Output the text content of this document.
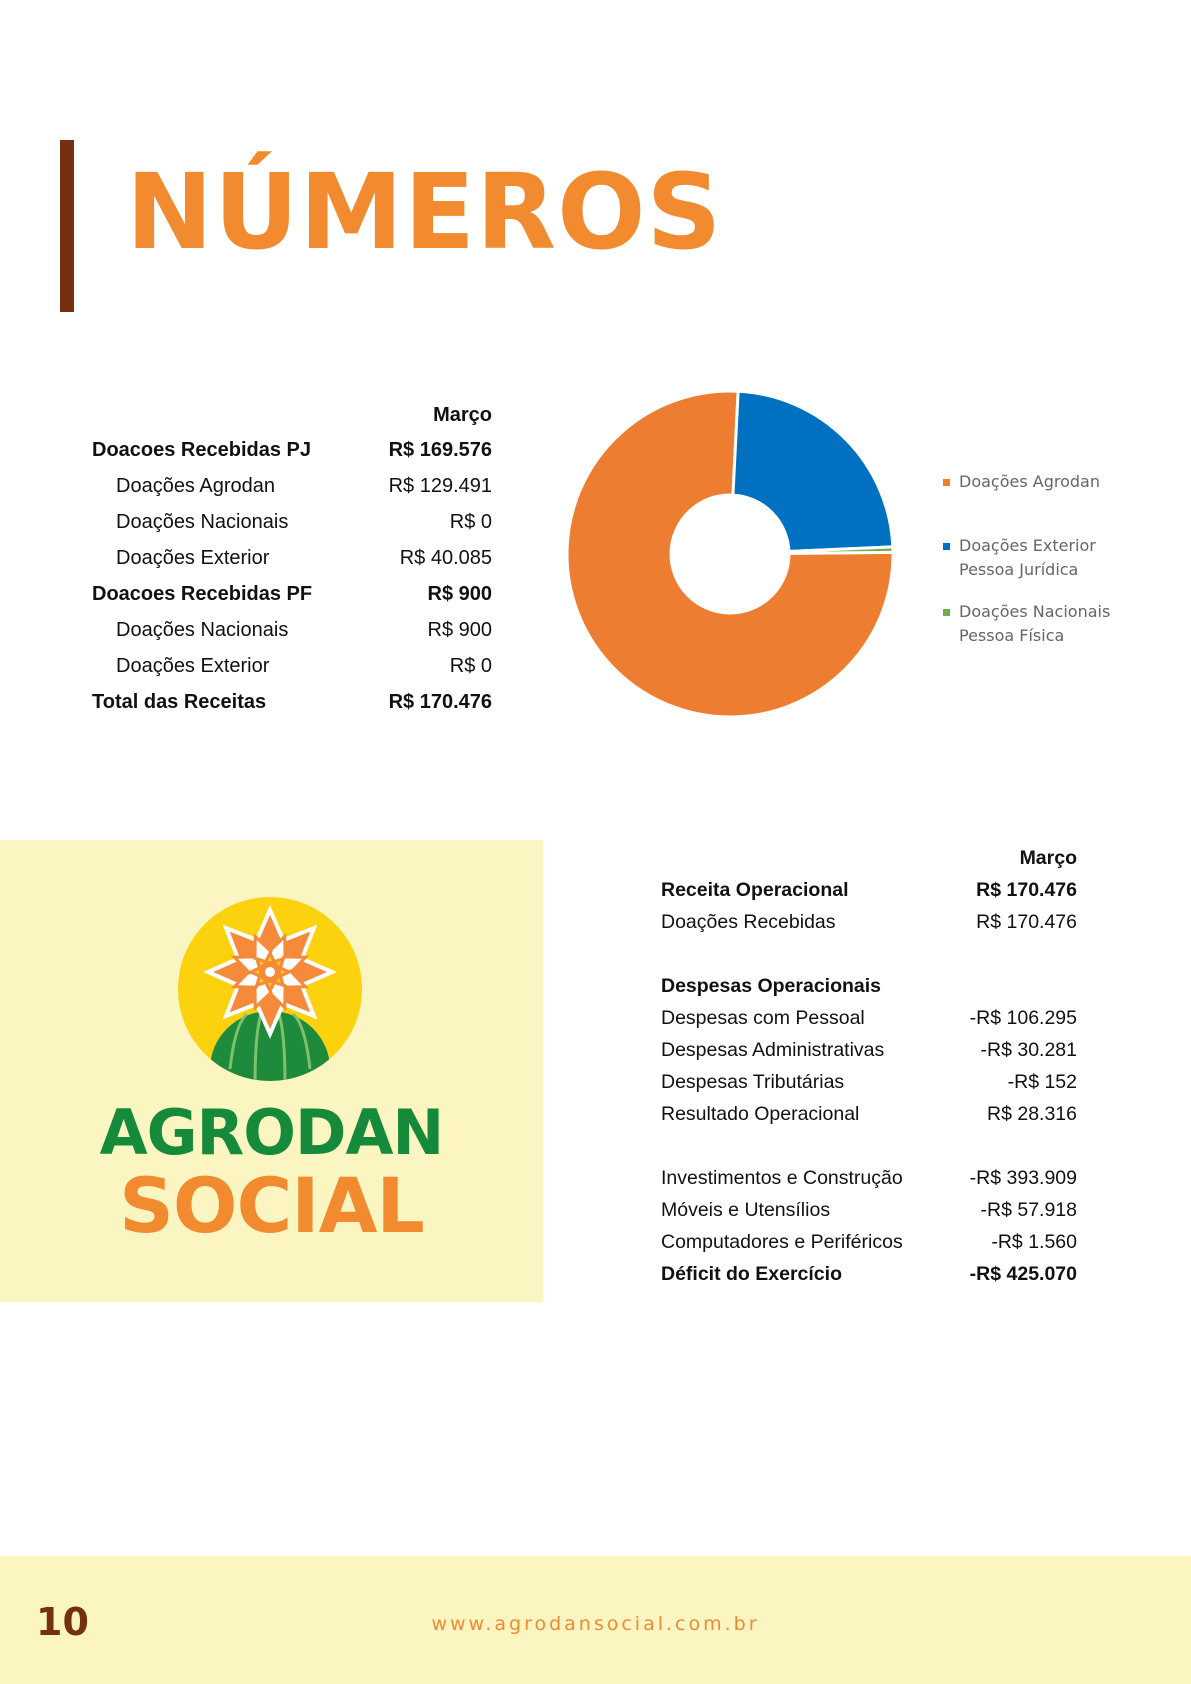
NÚMEROS
Março
Doacoes Recebidas PJ	R$ 169.576
Doações Agrodan	R$ 129.491
Doações Nacionais	R$ 0
Doações Exterior	R$ 40.085
Doacoes Recebidas PF	R$ 900
Doações Nacionais	R$ 900
Doações Exterior	R$ 0
Total das Receitas	R$ 170.476
Doações Agrodan
Doações Exterior
Pessoa Jurídica
Doações Nacionais
Pessoa Física
AGRODAN
SOCIAL
Março
Receita Operacional	R$ 170.476
Doações Recebidas	R$ 170.476
Despesas Operacionais
Despesas com Pessoal	-R$ 106.295
Despesas Administrativas	-R$ 30.281
Despesas Tributárias	-R$ 152
Resultado Operacional	R$ 28.316
Investimentos e Construção	-R$ 393.909
Móveis e Utensílios	-R$ 57.918
Computadores e Periféricos	-R$ 1.560
Déficit do Exercício	-R$ 425.070
10	www.agrodansocial.com.br
